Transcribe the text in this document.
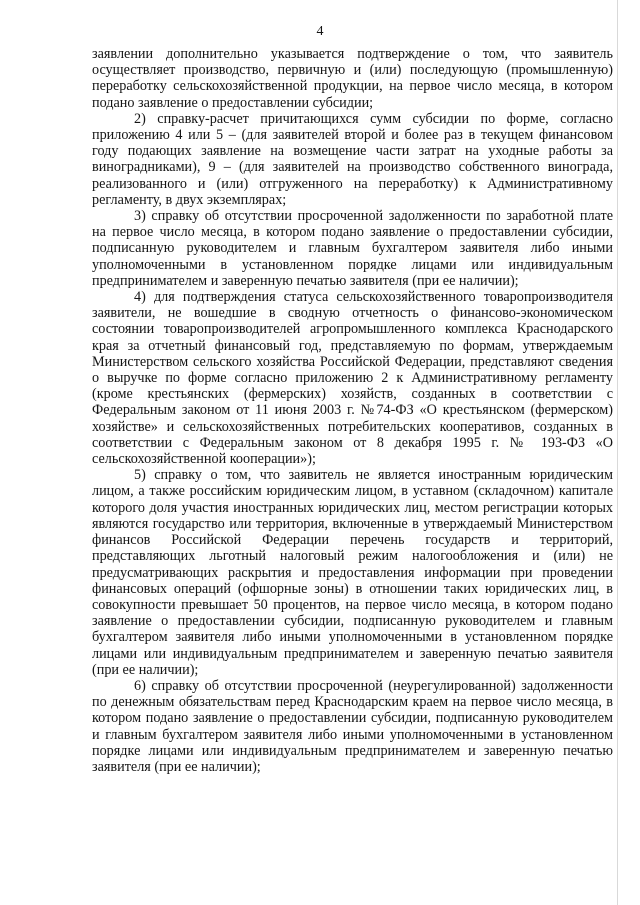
4

заявлении дополнительно указывается подтверждение о том, что заявитель осуществляет производство, первичную и (или) последующую (промышленную) переработку сельскохозяйственной продукции, на первое число месяца, в котором подано заявление о предоставлении субсидии;

2) справку-расчет причитающихся сумм субсидии по форме, согласно приложению 4 или 5 – (для заявителей второй и более раз в текущем финансовом году подающих заявление на возмещение части затрат на уходные работы за виноградниками), 9 – (для заявителей на производство собственного винограда, реализованного и (или) отгруженного на переработку) к Административному регламенту, в двух экземплярах;

3) справку об отсутствии просроченной задолженности по заработной плате на первое число месяца, в котором подано заявление о предоставлении субсидии, подписанную руководителем и главным бухгалтером заявителя либо иными уполномоченными в установленном порядке лицами или индивидуальным предпринимателем и заверенную печатью заявителя (при ее наличии);

4) для подтверждения статуса сельскохозяйственного товаропроизводителя заявители, не вошедшие в сводную отчетность о финансово-экономическом состоянии товаропроизводителей агропромышленного комплекса Краснодарского края за отчетный финансовый год, представляемую по формам, утверждаемым Министерством сельского хозяйства Российской Федерации, представляют сведения о выручке по форме согласно приложению 2 к Административному регламенту (кроме крестьянских (фермерских) хозяйств, созданных в соответствии с Федеральным законом от 11 июня 2003 г. №74-ФЗ «О крестьянском (фермерском) хозяйстве» и сельскохозяйственных потребительских кооперативов, созданных в соответствии с Федеральным законом от 8 декабря 1995 г. № 193-ФЗ «О сельскохозяйственной кооперации»);

5) справку о том, что заявитель не является иностранным юридическим лицом, а также российским юридическим лицом, в уставном (складочном) капитале которого доля участия иностранных юридических лиц, местом регистрации которых являются государство или территория, включенные в утверждаемый Министерством финансов Российской Федерации перечень государств и территорий, представляющих льготный налоговый режим налогообложения и (или) не предусматривающих раскрытия и предоставления информации при проведении финансовых операций (офшорные зоны) в отношении таких юридических лиц, в совокупности превышает 50 процентов, на первое число месяца, в котором подано заявление о предоставлении субсидии, подписанную руководителем и главным бухгалтером заявителя либо иными уполномоченными в установленном порядке лицами или индивидуальным предпринимателем и заверенную печатью заявителя (при ее наличии);

6) справку об отсутствии просроченной (неурегулированной) задолженности по денежным обязательствам перед Краснодарским краем на первое число месяца, в котором подано заявление о предоставлении субсидии, подписанную руководителем и главным бухгалтером заявителя либо иными уполномоченными в установленном порядке лицами или индивидуальным предпринимателем и заверенную печатью заявителя (при ее наличии);
